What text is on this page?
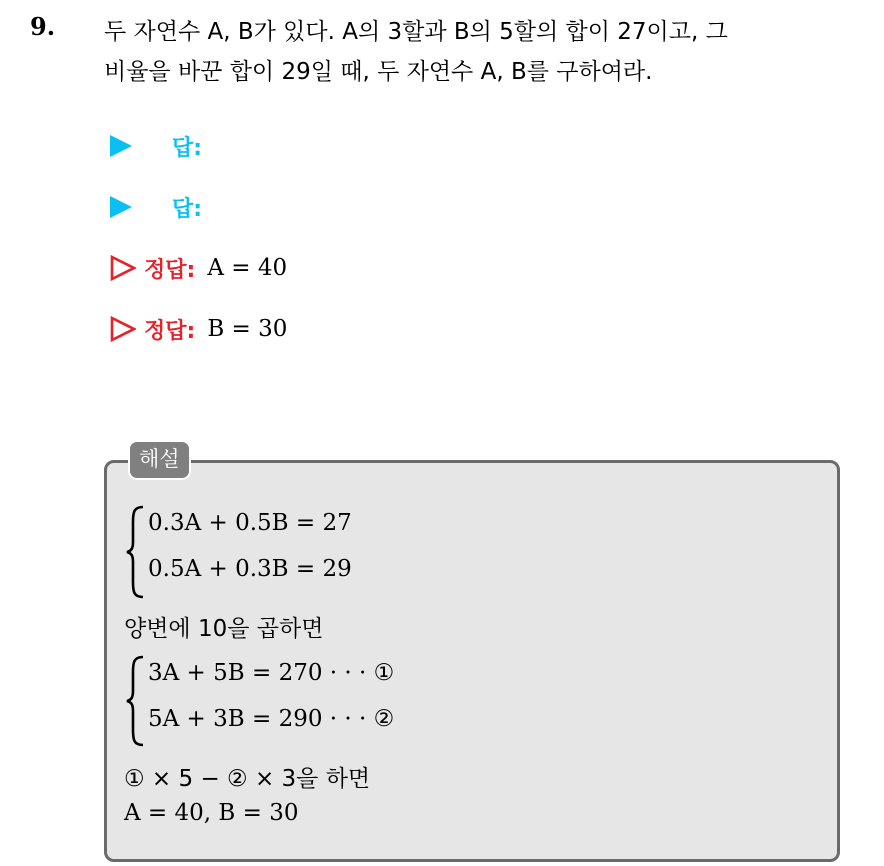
9. 두 자연수 A, B가 있다. A의 3할과 B의 5할의 합이 27이고, 그
비율을 바꾼 합이 29일 때, 두 자연수 A, B를 구하여라.
답:
답:
정답: A = 40
정답: B = 30
해설
0.3A + 0.5B = 27
0.5A + 0.3B = 29
양변에 10을 곱하면
3A + 5B = 270 · · · ①
5A + 3B = 290 · · · ②
① × 5 − ② × 3을 하면
A = 40, B = 30
